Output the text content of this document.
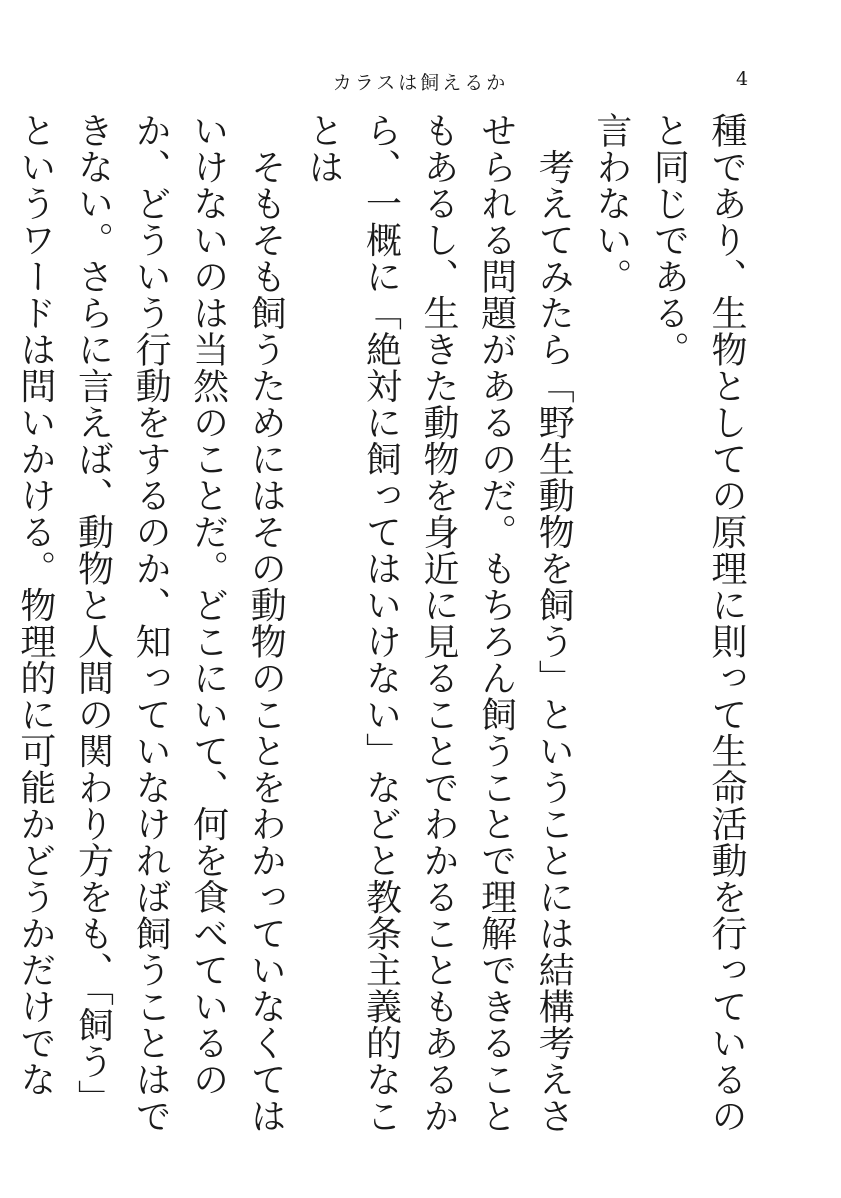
カラスは飼えるか	4

種であり、生物としての原理に則って生命活動を行っているのと同じである。

言わない。

　考えてみたら「野生動物を飼う」ということには結構考えさせられる問題があるのだ。もちろん飼うことで理解できることもあるし、生きた動物を身近に見ることでわかることもあるから、一概に「絶対に飼ってはいけない」などと教条主義的なことは

　そもそも飼うためにはその動物のことをわかっていなくてはいけないのは当然のことだ。どこにいて、何を食べているのか、どういう行動をするのか、知っていなければ飼うことはできない。さらに言えば、動物と人間の関わり方をも、「飼う」というワードは問いかける。物理的に可能かどうかだけでな
